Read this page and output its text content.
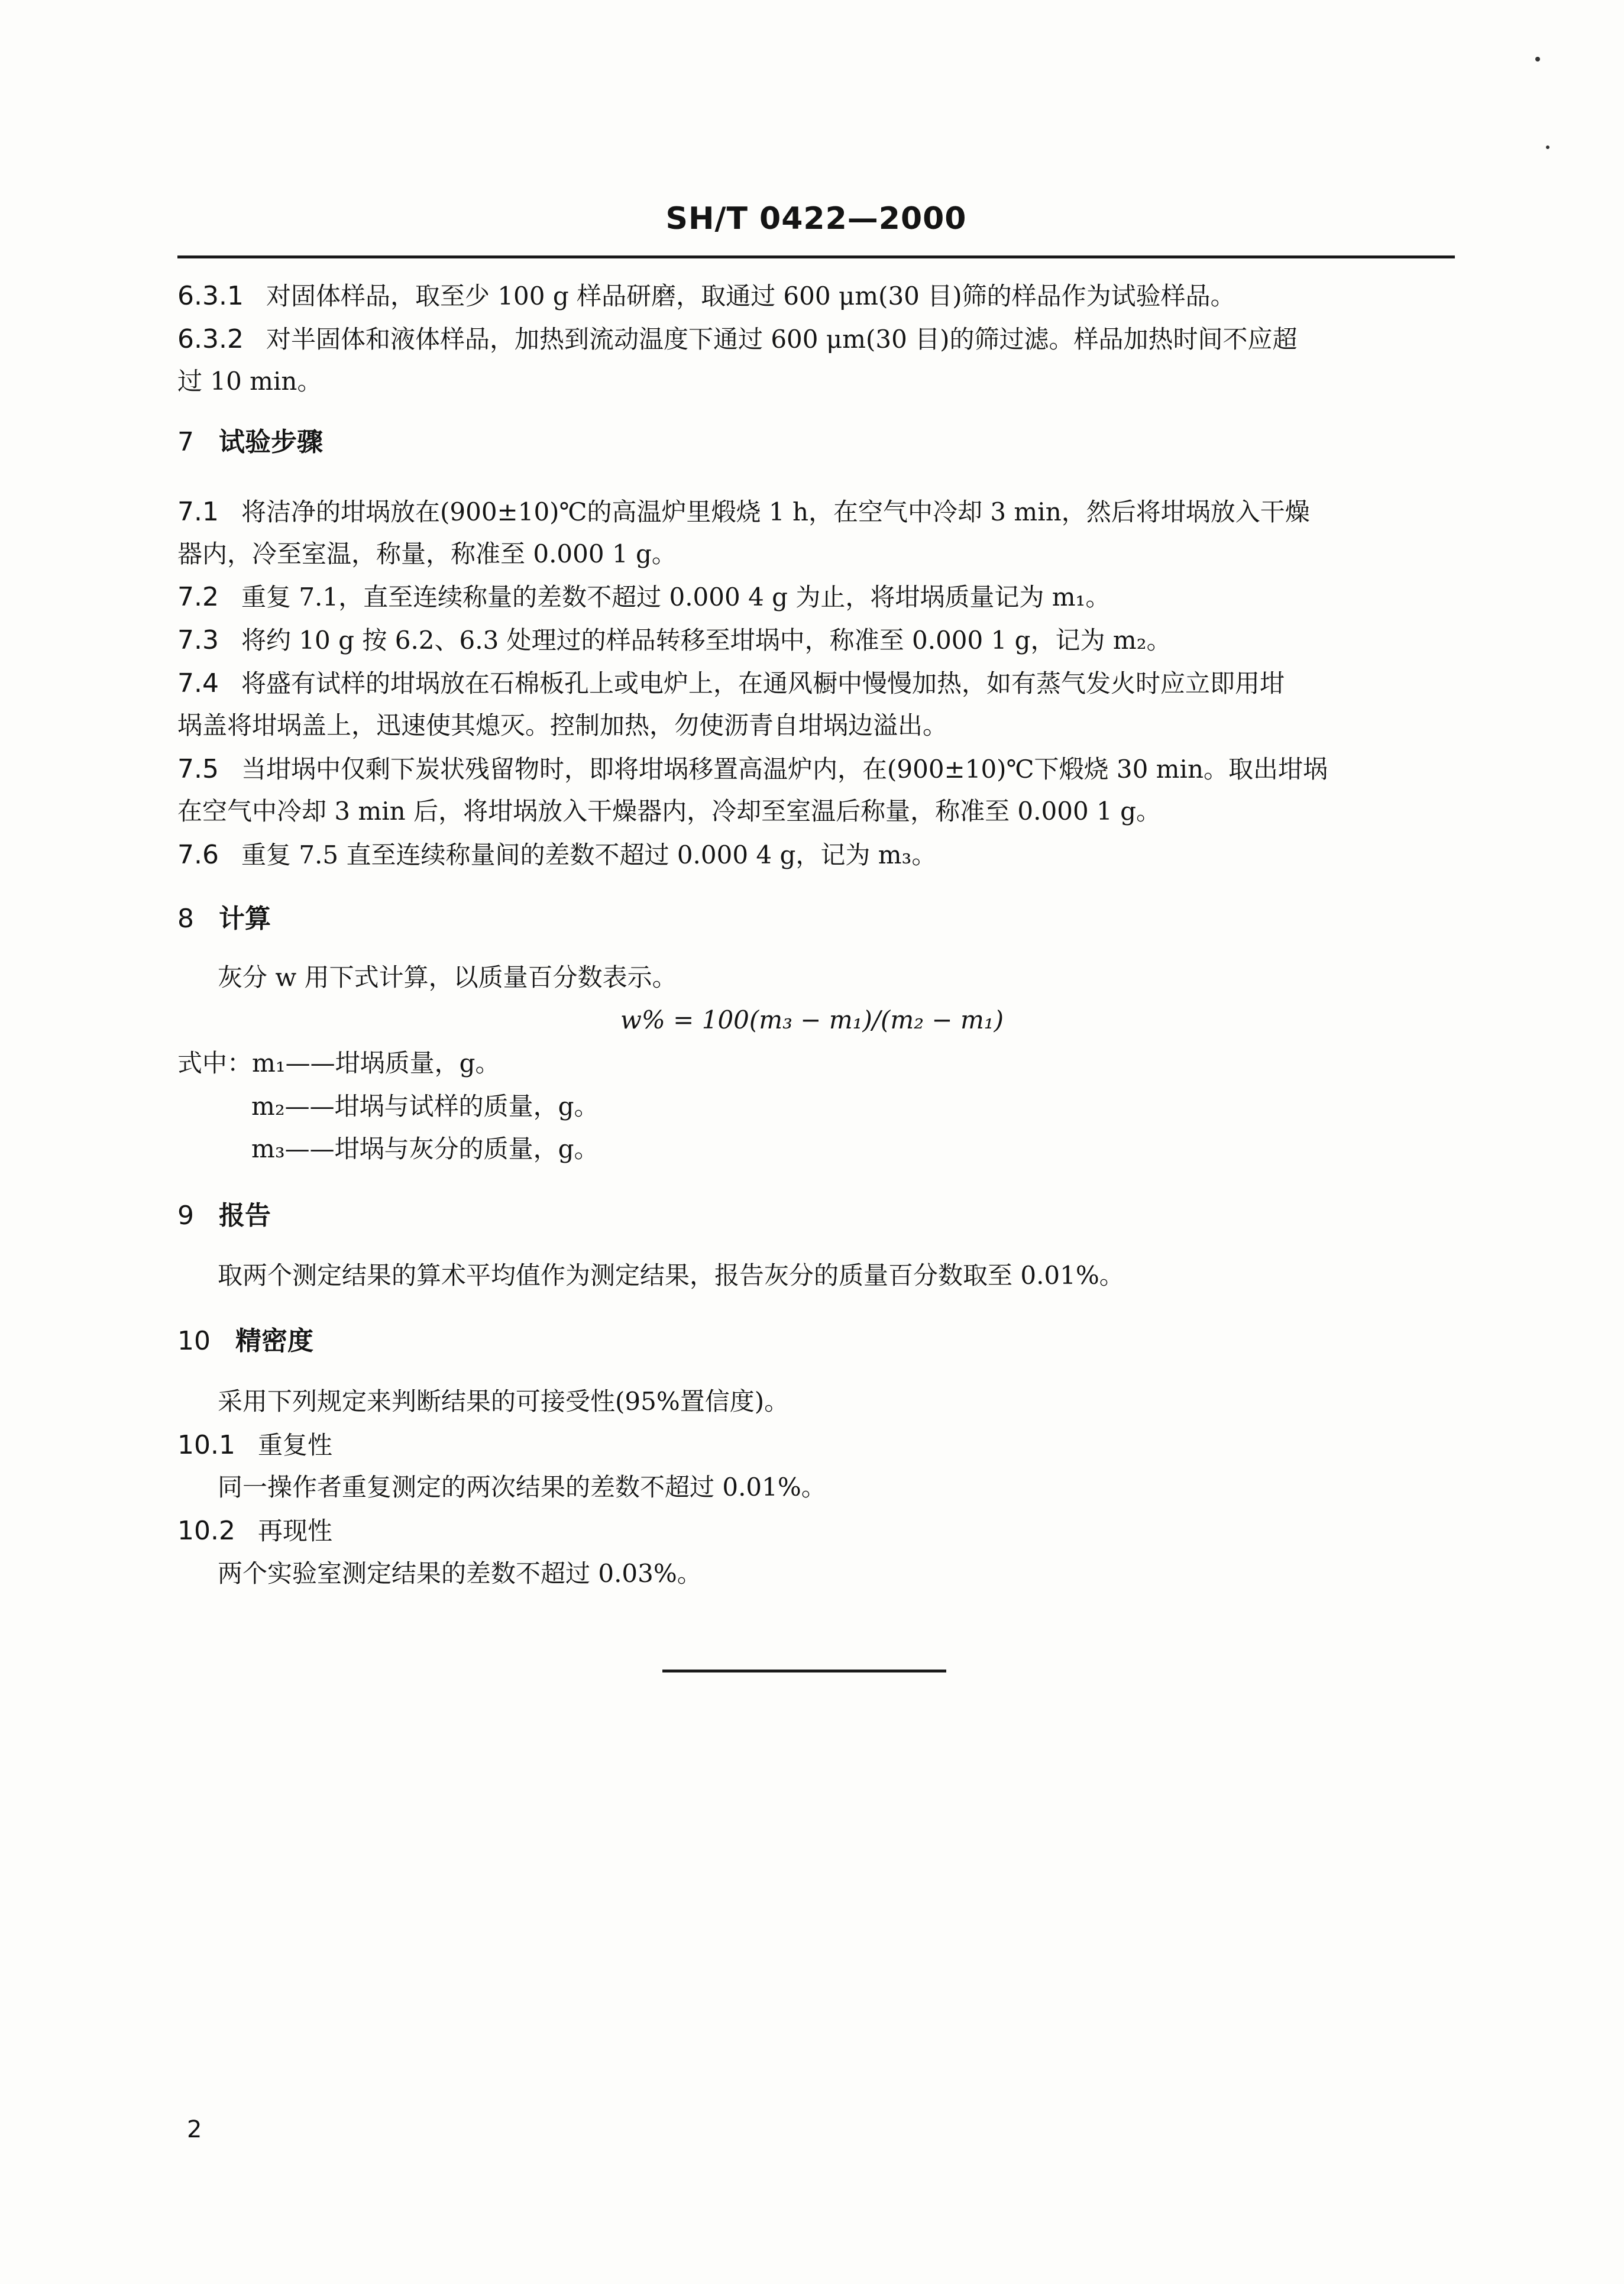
SH/T 0422—2000
6.3.1 对固体样品，取至少 100 g 样品研磨，取通过 600 μm(30 目)筛的样品作为试验样品。
6.3.2 对半固体和液体样品，加热到流动温度下通过 600 μm(30 目)的筛过滤。样品加热时间不应超
过 10 min。
7 试验步骤
7.1 将洁净的坩埚放在(900±10)℃的高温炉里煅烧 1 h，在空气中冷却 3 min，然后将坩埚放入干燥
器内，冷至室温，称量，称准至 0.000 1 g。
7.2 重复 7.1，直至连续称量的差数不超过 0.000 4 g 为止，将坩埚质量记为 m₁。
7.3 将约 10 g 按 6.2、6.3 处理过的样品转移至坩埚中，称准至 0.000 1 g，记为 m₂。
7.4 将盛有试样的坩埚放在石棉板孔上或电炉上，在通风橱中慢慢加热，如有蒸气发火时应立即用坩
埚盖将坩埚盖上，迅速使其熄灭。控制加热，勿使沥青自坩埚边溢出。
7.5 当坩埚中仅剩下炭状残留物时，即将坩埚移置高温炉内，在(900±10)℃下煅烧 30 min。取出坩埚
在空气中冷却 3 min 后，将坩埚放入干燥器内，冷却至室温后称量，称准至 0.000 1 g。
7.6 重复 7.5 直至连续称量间的差数不超过 0.000 4 g，记为 m₃。
8 计算
灰分 w 用下式计算，以质量百分数表示。
w% = 100(m₃ − m₁)/(m₂ − m₁)
式中：m₁——坩埚质量，g。
m₂——坩埚与试样的质量，g。
m₃——坩埚与灰分的质量，g。
9 报告
取两个测定结果的算术平均值作为测定结果，报告灰分的质量百分数取至 0.01%。
10 精密度
采用下列规定来判断结果的可接受性(95%置信度)。
10.1 重复性
同一操作者重复测定的两次结果的差数不超过 0.01%。
10.2 再现性
两个实验室测定结果的差数不超过 0.03%。
2
